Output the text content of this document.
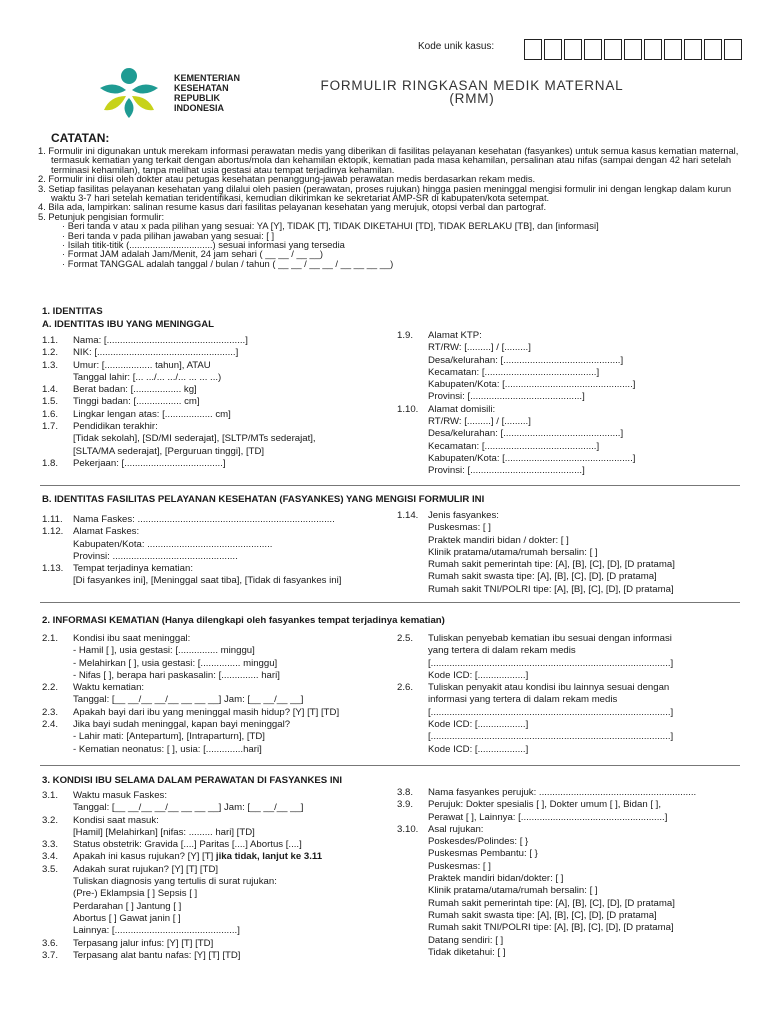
Kode unik kasus:
KEMENTERIAN
KESEHATAN
REPUBLIK
INDONESIA
FORMULIR RINGKASAN MEDIK MATERNAL
(RMM)
CATATAN:

1. Formulir ini digunakan untuk merekam informasi perawatan medis yang diberikan di fasilitas pelayanan kesehatan (fasyankes) untuk semua kasus kematian maternal, termasuk kematian yang terkait dengan abortus/mola dan kehamilan ektopik, kematian pada masa kehamilan, persalinan atau nifas (sampai dengan 42 hari setelah terminasi kehamilan), tanpa melihat usia gestasi atau tempat terjadinya kehamilan.

2. Formulir ini diisi oleh dokter atau petugas kesehatan penanggung-jawab perawatan medis berdasarkan rekam medis.

3. Setiap fasilitas pelayanan kesehatan yang dilalui oleh pasien (perawatan, proses rujukan) hingga pasien meninggal mengisi formulir ini dengan lengkap dalam kurun waktu 3-7 hari setelah kematian teridentifikasi, kemudian dikirimkan ke sekretariat AMP-SR di kabupaten/kota setempat.

4. Bila ada, lampirkan: salinan resume kasus dari fasilitas pelayanan kesehatan yang merujuk, otopsi verbal dan partograf.

5. Petunjuk pengisian formulir:

· Beri tanda v atau x pada pilihan yang sesuai: YA [Y], TIDAK [T], TIDAK DIKETAHUI [TD], TIDAK BERLAKU [TB], dan [informasi]

· Beri tanda v pada pilihan jawaban yang sesuai: [ ]

· Isilah titik-titik (................................) sesuai informasi yang tersedia

· Format JAM adalah Jam/Menit, 24 jam sehari ( __ __ / __ __)

· Format TANGGAL adalah tanggal / bulan / tahun ( __ __ / __ __ / __ __ __ __)

1. IDENTITAS
A. IDENTITAS IBU YANG MENINGGAL
1.1.	Nama: [....................................................]
1.2.	NIK: [....................................................]
1.3.	Umur: [.................. tahun], ATAU
Tanggal lahir: [... .../... .../... ... ... ...)
1.4.	Berat badan: [.................. kg]
1.5.	Tinggi badan: [................. cm]
1.6.	Lingkar lengan atas: [.................. cm]
1.7.	Pendidikan terakhir:
[Tidak sekolah], [SD/MI sederajat], [SLTP/MTs sederajat],
[SLTA/MA sederajat], [Perguruan tinggi], [TD]
1.8.	Pekerjaan: [.....................................]
1.9.	Alamat KTP:
RT/RW: [.........] / [.........]
Desa/kelurahan: [............................................]
Kecamatan: [..........................................]
Kabupaten/Kota: [................................................]
Provinsi: [..........................................]
1.10.	Alamat domisili:
RT/RW: [.........] / [.........]
Desa/kelurahan: [............................................]
Kecamatan: [..........................................]
Kabupaten/Kota: [................................................]
Provinsi: [..........................................]
B. IDENTITAS FASILITAS PELAYANAN KESEHATAN (FASYANKES) YANG MENGISI FORMULIR INI
1.11.	Nama Faskes: ..........................................................................
1.12.	Alamat Faskes:
Kabupaten/Kota: ...............................................
Provinsi: ...............................................
1.13.	Tempat terjadinya kematian:
[Di fasyankes ini], [Meninggal saat tiba], [Tidak di fasyankes ini]
1.14.	Jenis fasyankes:
Puskesmas: [ ]
Praktek mandiri bidan / dokter: [ ]
Klinik pratama/utama/rumah bersalin: [ ]
Rumah sakit pemerintah tipe: [A], [B], [C], [D], [D pratama]
Rumah sakit swasta tipe: [A], [B], [C], [D], [D pratama]
Rumah sakit TNI/POLRI tipe: [A], [B], [C], [D], [D pratama]
2. INFORMASI KEMATIAN (Hanya dilengkapi oleh fasyankes tempat terjadinya kematian)
2.1.	Kondisi ibu saat meninggal:
- Hamil [ ], usia gestasi: [............... minggu]
- Melahirkan [ ], usia gestasi: [............... minggu]
- Nifas [ ], berapa hari paskasalin: [.............. hari]
2.2.	Waktu kematian:
Tanggal: [__ __/__ __/__ __ __ __] Jam: [__ __/__ __]
2.3.	Apakah bayi dari ibu yang meninggal masih hidup? [Y] [T] [TD]
2.4.	Jika bayi sudah meninggal, kapan bayi meninggal?
- Lahir mati: [Antepartum], [Intraparturn], [TD]
- Kematian neonatus: [ ], usia: [..............hari]
2.5.	Tuliskan penyebab kematian ibu sesuai dengan informasi
yang tertera di dalam rekam medis
[..........................................................................................]
Kode ICD: [..................]
2.6.	Tuliskan penyakit atau kondisi ibu lainnya sesuai dengan
informasi yang tertera di dalam rekam medis
[..........................................................................................]
Kode ICD: [..................]
[..........................................................................................]
Kode ICD: [..................]
3. KONDISI IBU SELAMA DALAM PERAWATAN DI FASYANKES INI
3.1.	Waktu masuk Faskes:
Tanggal: [__ __/__ __/__ __ __ __] Jam: [__ __/__ __]
3.2.	Kondisi saat masuk:
[Hamil] [Melahirkan] [nifas: ......... hari] [TD]
3.3.	Status obstetrik: Gravida [....] Paritas [....] Abortus [....]
3.4.	Apakah ini kasus rujukan? [Y] [T] jika tidak, lanjut ke 3.11
3.5.	Adakah surat rujukan? [Y] [T] [TD]
Tuliskan diagnosis yang tertulis di surat rujukan:
(Pre-) Eklampsia [ ] Sepsis [ ]
Perdarahan [ ] Jantung [ ]
Abortus [ ] Gawat janin [ ]
Lainnya: [..............................................]
3.6.	Terpasang jalur infus: [Y] [T] [TD]
3.7.	Terpasang alat bantu nafas: [Y] [T] [TD]
3.8.	Nama fasyankes perujuk: ...........................................................
3.9.	Perujuk: Dokter spesialis [ ], Dokter umum [ ], Bidan [ ],
Perawat [ ], Lainnya: [......................................................]
3.10.	Asal rujukan:
Poskesdes/Polindes: [ }
Puskesmas Pembantu: [ }
Puskesmas: [ ]
Praktek mandiri bidan/dokter: [ ]
Klinik pratama/utama/rumah bersalin: [ ]
Rumah sakit pemerintah tipe: [A], [B], [C], [D], [D pratama]
Rumah sakit swasta tipe: [A], [B], [C], [D], [D pratama]
Rumah sakit TNI/POLRI tipe: [A], [B], [C], [D], [D pratama]
Datang sendiri: [ ]
Tidak diketahui: [ ]
